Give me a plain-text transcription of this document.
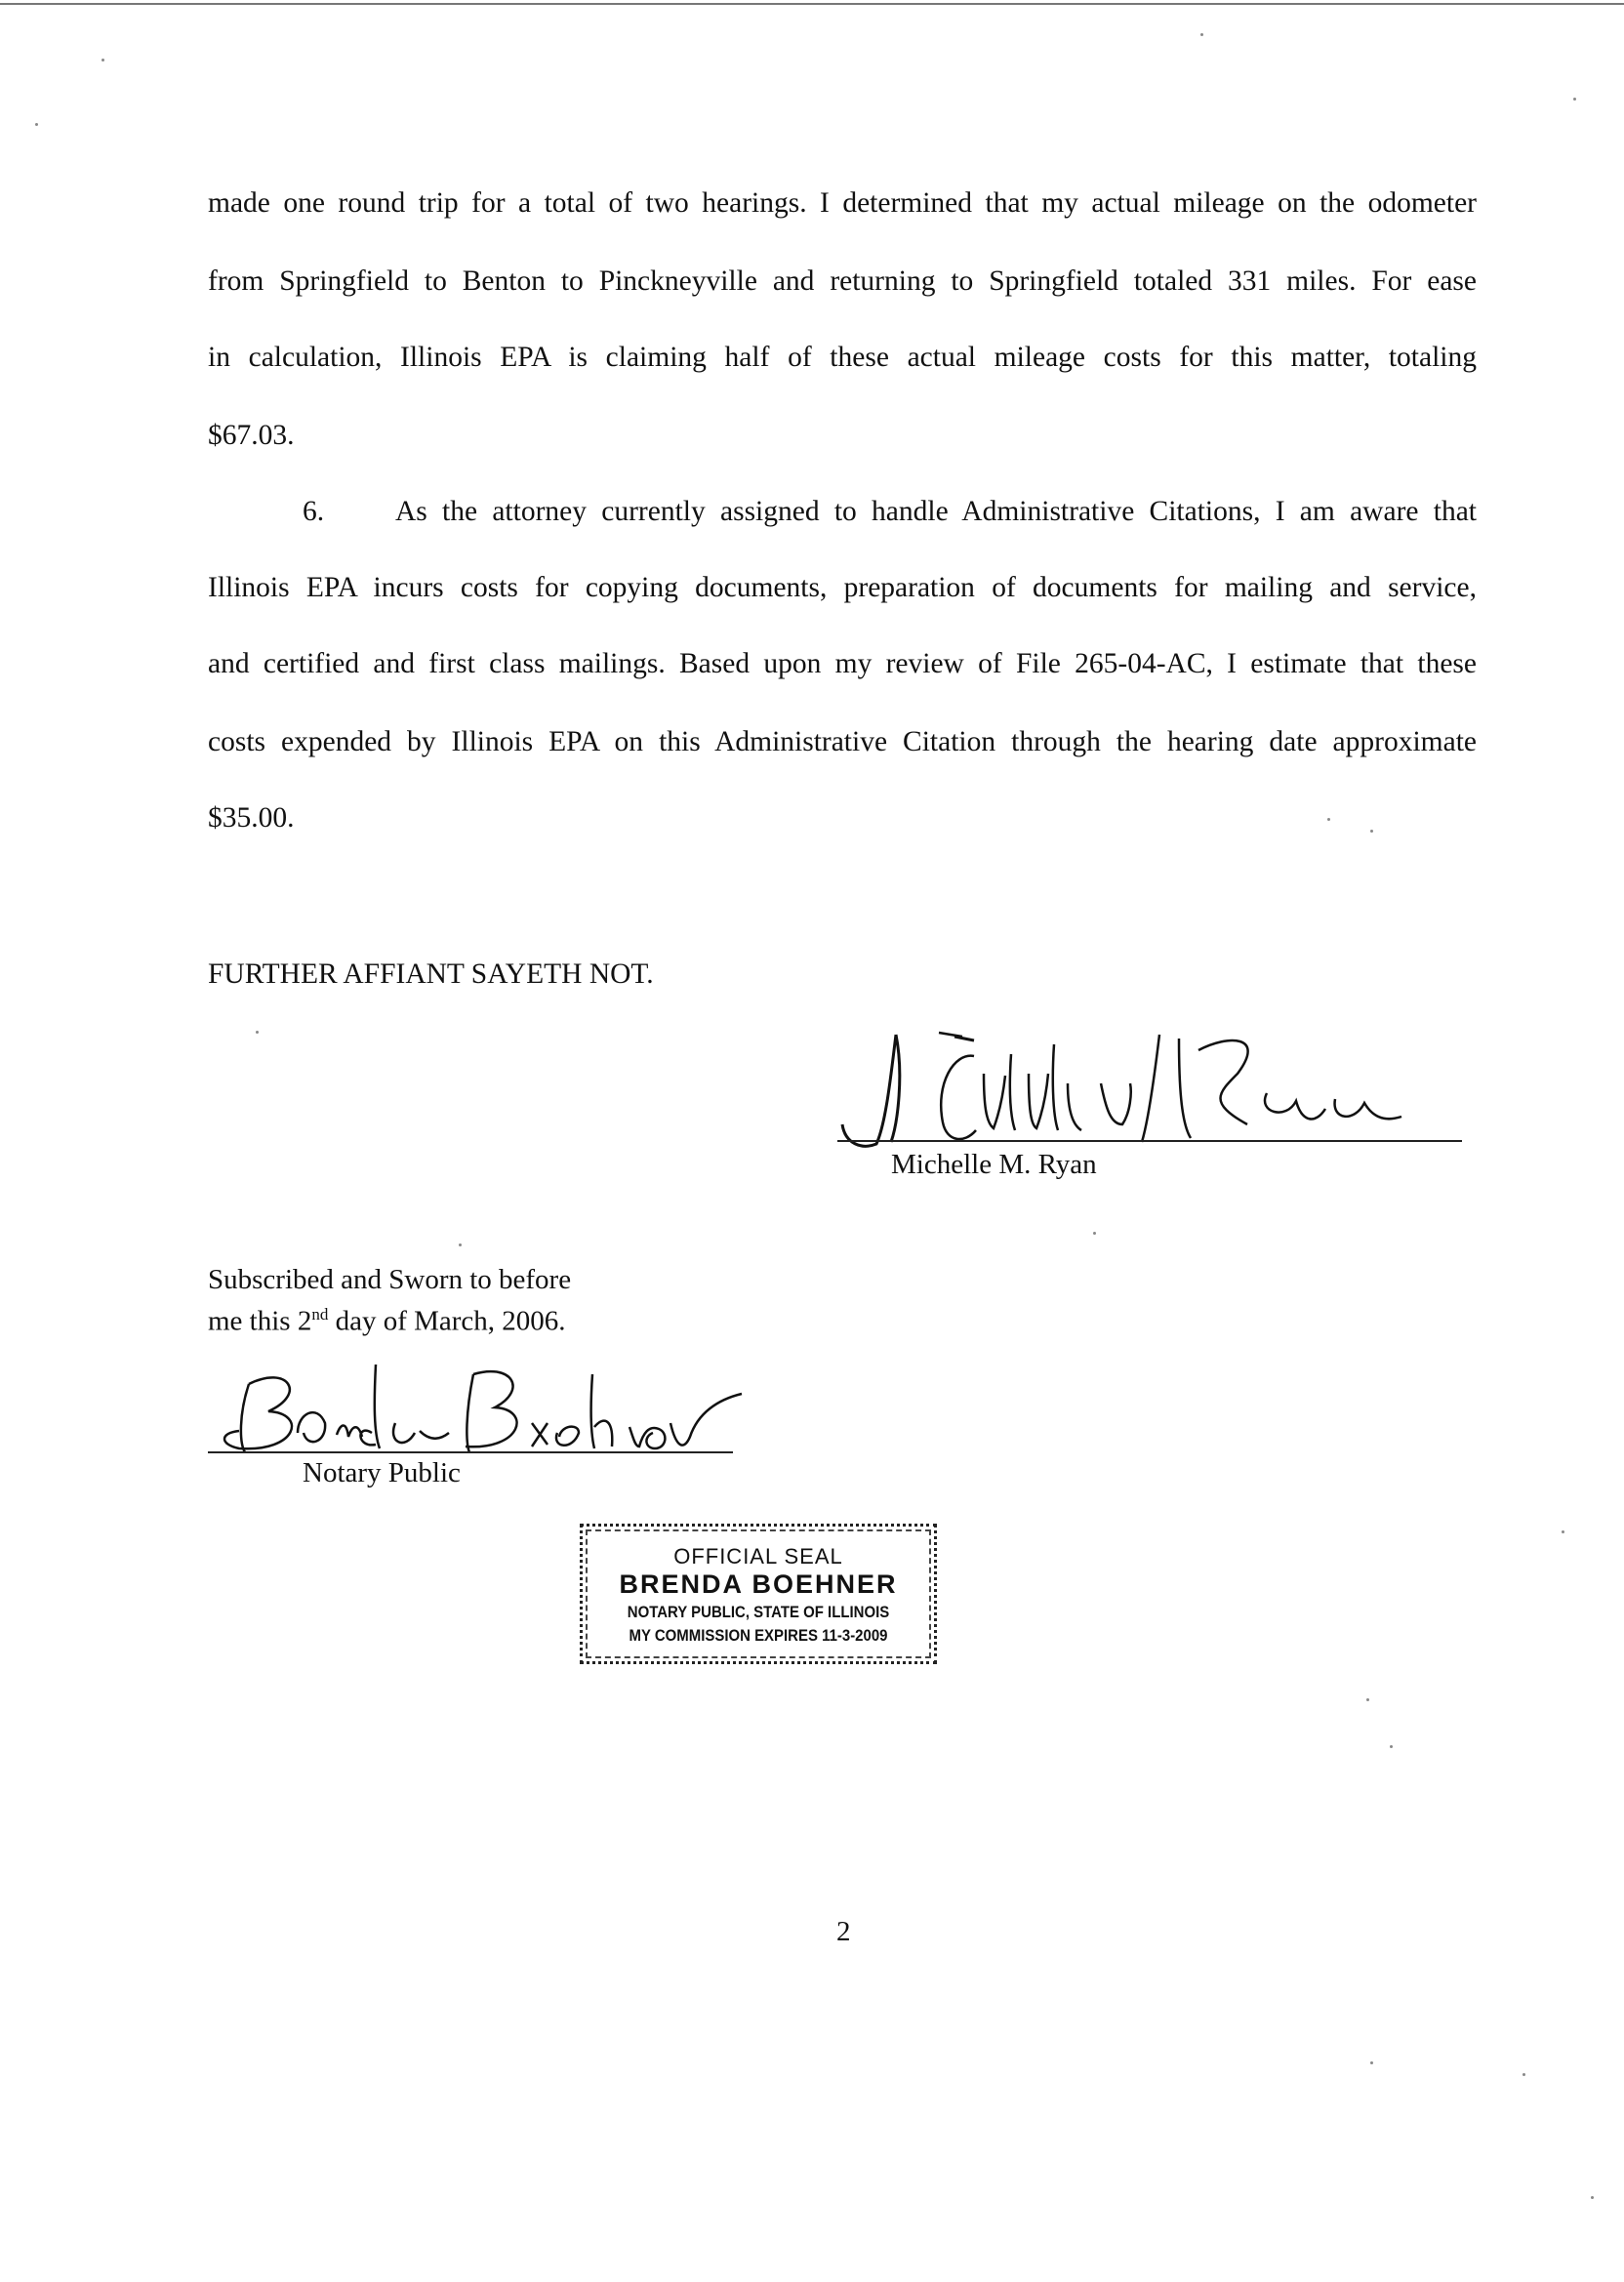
made one round trip for a total of two hearings. I determined that my actual mileage on the odometer
from Springfield to Benton to Pinckneyville and returning to Springfield totaled 331 miles. For ease
in calculation, Illinois EPA is claiming half of these actual mileage costs for this matter, totaling
$67.03.
6. As the attorney currently assigned to handle Administrative Citations, I am aware that
Illinois EPA incurs costs for copying documents, preparation of documents for mailing and service,
and certified and first class mailings. Based upon my review of File 265-04-AC, I estimate that these
costs expended by Illinois EPA on this Administrative Citation through the hearing date approximate
$35.00.
FURTHER AFFIANT SAYETH NOT.
Michelle M. Ryan
Subscribed and Sworn to before
me this 2nd day of March, 2006.
Notary Public
OFFICIAL SEAL
BRENDA BOEHNER
NOTARY PUBLIC, STATE OF ILLINOIS
MY COMMISSION EXPIRES 11-3-2009
2
